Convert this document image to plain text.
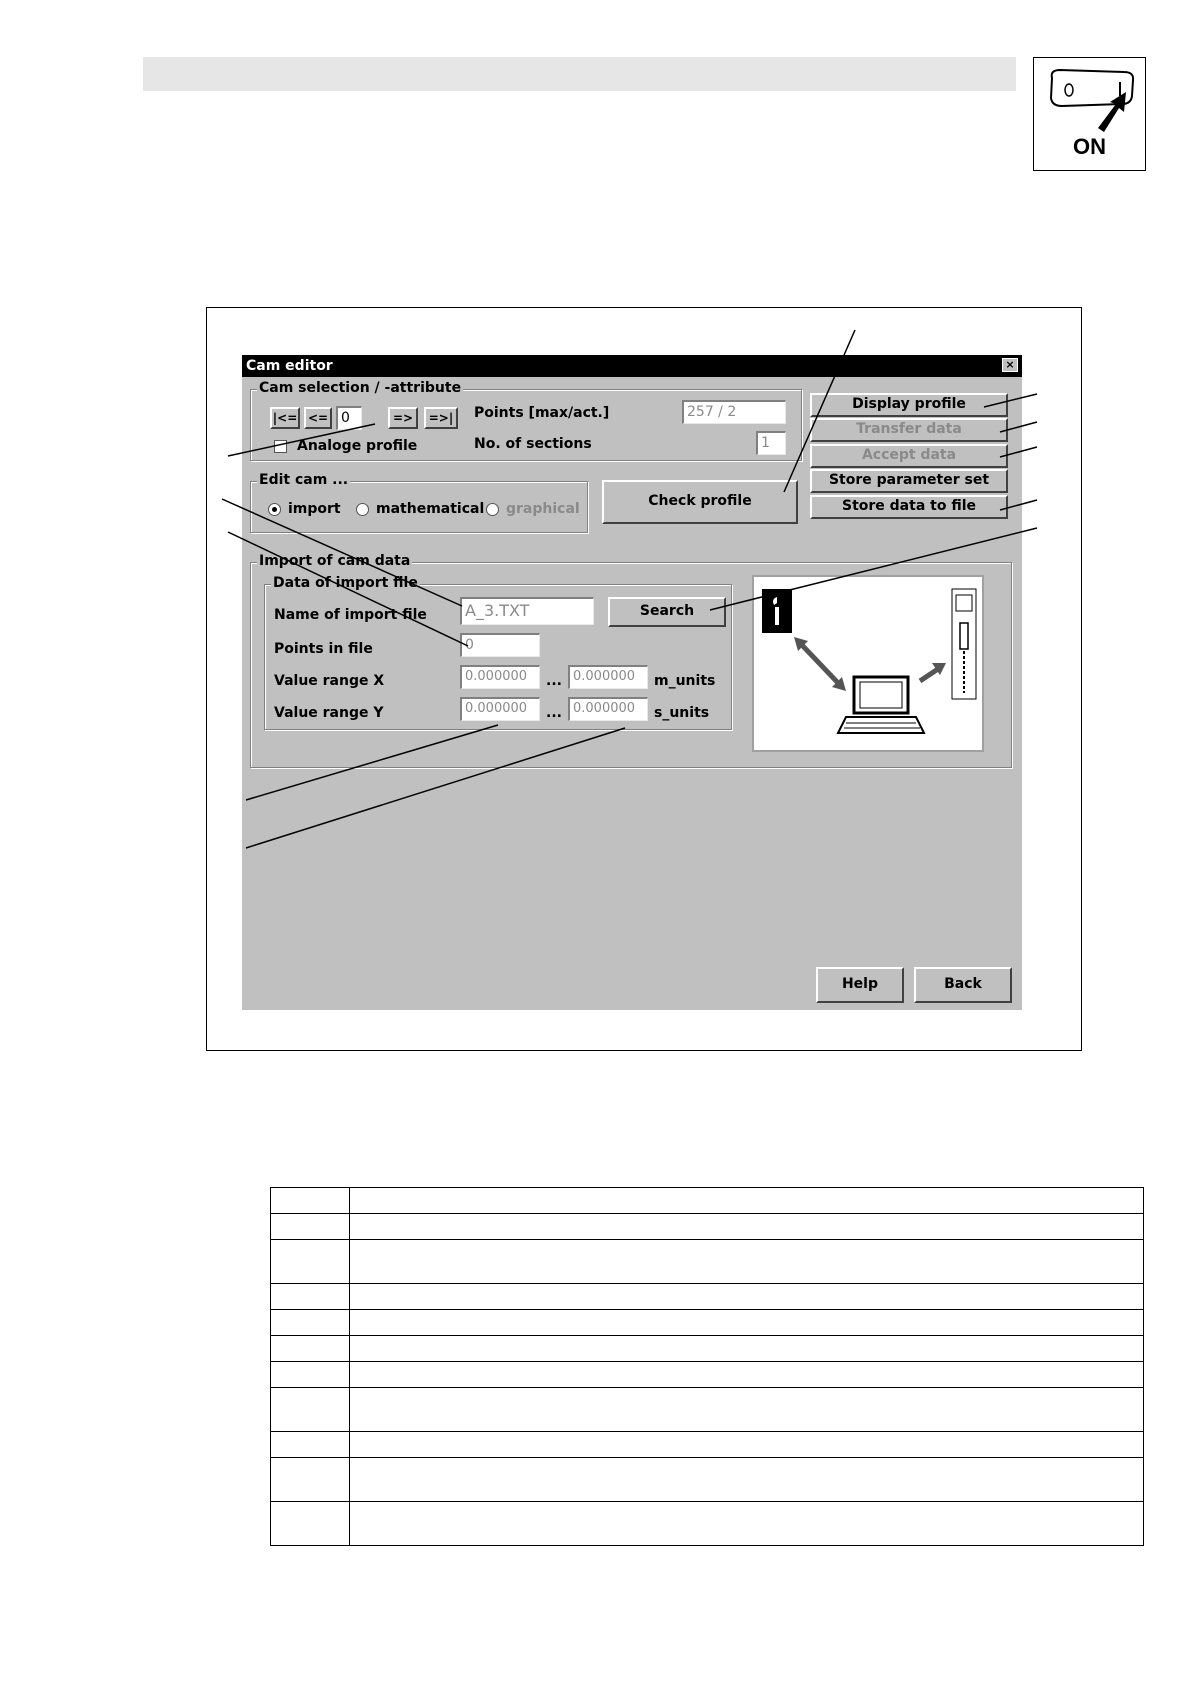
ON
Cam editor	×
Cam selection / -attribute
|<= <= 0	=>	=>|	Points [max/act.]	257 / 2
No. of sections	1
Analoge profile
Edit cam ...
import	mathematical graphical	Check profile
Display profile
Transfer data
Accept data
Store parameter set
Store data to file
Import of cam data
Data of import file
Name of import file	A_3.TXT	Search
Points in file	0
Value range X	0.000000	... 0.000000	m_units
Value range Y	0.000000	... 0.000000	s_units
Help	Back
